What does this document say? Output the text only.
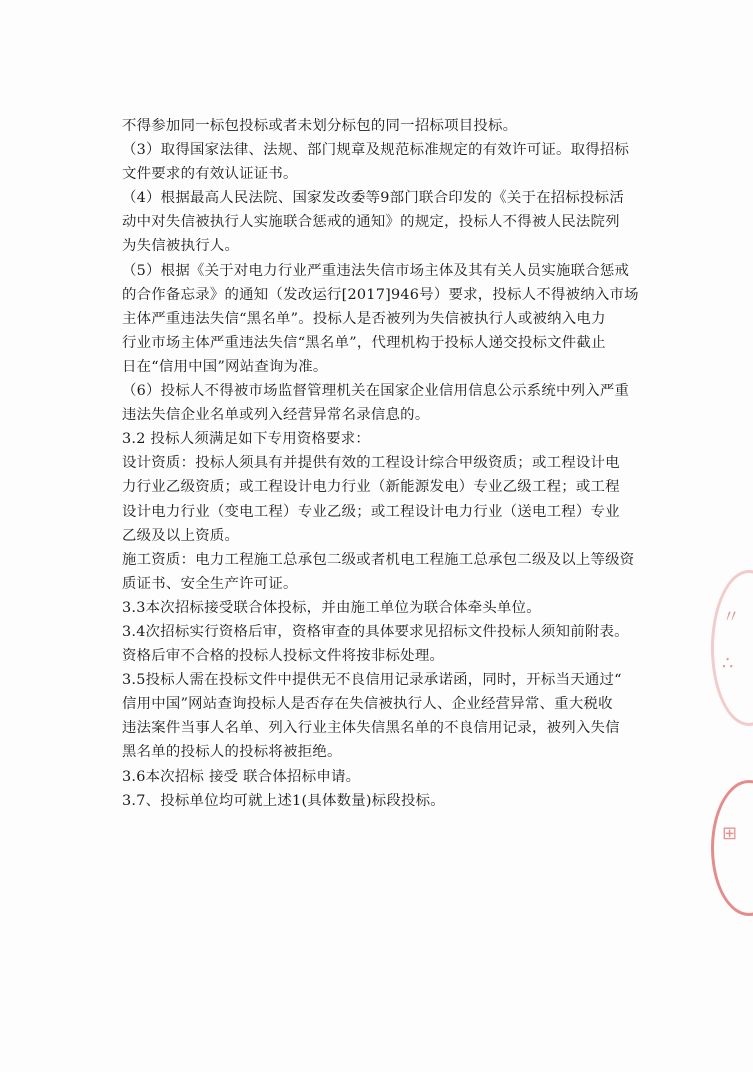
不得参加同一标包投标或者未划分标包的同一招标项目投标。
（3）取得国家法律、法规、部门规章及规范标准规定的有效许可证。取得招标
文件要求的有效认证证书。
（4）根据最高人民法院、国家发改委等9部门联合印发的《关于在招标投标活
动中对失信被执行人实施联合惩戒的通知》的规定，投标人不得被人民法院列
为失信被执行人。
（5）根据《关于对电力行业严重违法失信市场主体及其有关人员实施联合惩戒
的合作备忘录》的通知（发改运行[2017]946号）要求，投标人不得被纳入市场
主体严重违法失信“黑名单”。投标人是否被列为失信被执行人或被纳入电力
行业市场主体严重违法失信“黑名单”，代理机构于投标人递交投标文件截止
日在“信用中国”网站查询为准。
（6）投标人不得被市场监督管理机关在国家企业信用信息公示系统中列入严重
违法失信企业名单或列入经营异常名录信息的。
3.2 投标人须满足如下专用资格要求：
设计资质：投标人须具有并提供有效的工程设计综合甲级资质；或工程设计电
力行业乙级资质；或工程设计电力行业（新能源发电）专业乙级工程；或工程
设计电力行业（变电工程）专业乙级；或工程设计电力行业（送电工程）专业
乙级及以上资质。
施工资质：电力工程施工总承包二级或者机电工程施工总承包二级及以上等级资
质证书、安全生产许可证。
3.3本次招标接受联合体投标，并由施工单位为联合体牵头单位。
3.4次招标实行资格后审，资格审查的具体要求见招标文件投标人须知前附表。
资格后审不合格的投标人投标文件将按非标处理。
3.5投标人需在投标文件中提供无不良信用记录承诺函，同时，开标当天通过“
信用中国”网站查询投标人是否存在失信被执行人、企业经营异常、重大税收
违法案件当事人名单、列入行业主体失信黑名单的不良信用记录，被列入失信
黑名单的投标人的投标将被拒绝。
3.6本次招标 接受 联合体招标申请。
3.7、投标单位均可就上述1(具体数量)标段投标。
〃
∴
⊞
